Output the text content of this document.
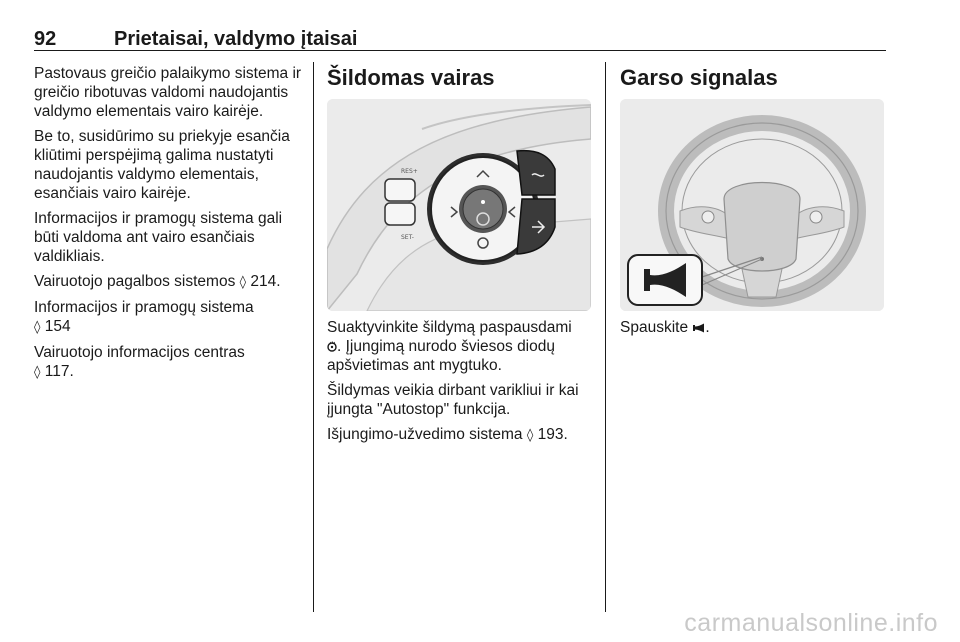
92	Prietaisai, valdymo įtaisai

Pastovaus greičio palaikymo sistema ir greičio ribotuvas valdomi naudojantis valdymo elementais vairo kairėje.

Be to, susidūrimo su priekyje esančia kliūtimi perspėjimą galima nustatyti naudojantis valdymo elementais, esančiais vairo kairėje.

Informacijos ir pramogų sistema gali būti valdoma ant vairo esančiais valdikliais.

Vairuotojo pagalbos sistemos ◊ 214.

Informacijos ir pramogų sistema
◊ 154

Vairuotojo informacijos centras
◊ 117.

Šildomas vairas
RES+
SET-

Suaktyvinkite šildymą paspausdami
. Įjungimą nurodo šviesos diodų apšvietimas ant mygtuko.

Šildymas veikia dirbant varikliui ir kai įjungta "Autostop" funkcija.

Išjungimo-užvedimo sistema ◊ 193.

Garso signalas

Spauskite .

carmanualsonline.info
